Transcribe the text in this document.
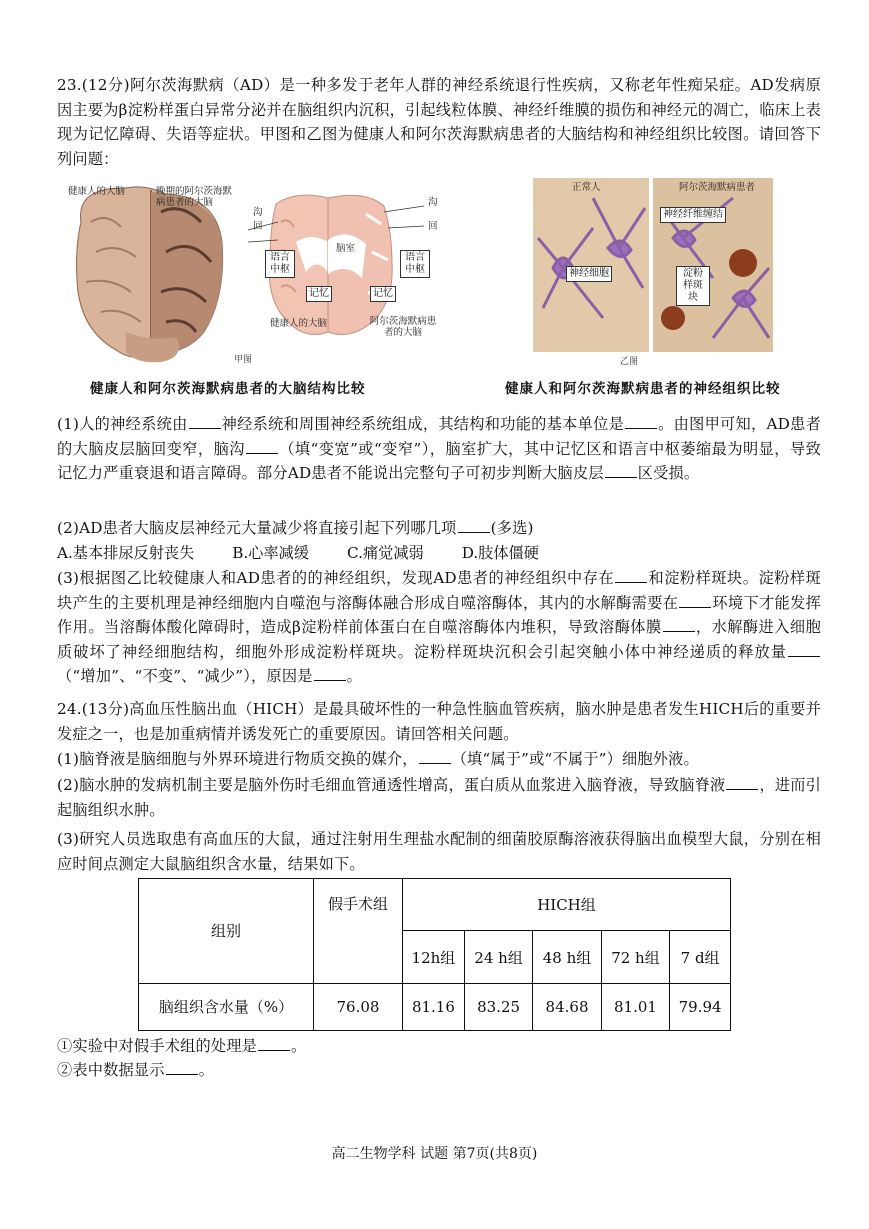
23.(12分)阿尔茨海默病（AD）是一种多发于老年人群的神经系统退行性疾病，又称老年性痴呆症。AD发病原因主要为β淀粉样蛋白异常分泌并在脑组织内沉积，引起线粒体膜、神经纤维膜的损伤和神经元的凋亡，临床上表现为记忆障碍、失语等症状。甲图和乙图为健康人和阿尔茨海默病患者的大脑结构和神经组织比较图。请回答下列问题：

健康人的大脑	晚期的阿尔茨海默病患者的大脑
沟
回
沟
回
脑室
语言中枢
语言中枢
记忆	记忆
健康人的大脑	阿尔茨海默病患者的大脑
甲图
健康人和阿尔茨海默病患者的大脑结构比较
正常人	阿尔茨海默病患者
神经细胞
神经纤维缠结
淀粉样斑块
乙图
健康人和阿尔茨海默病患者的神经组织比较

(1)人的神经系统由 神经系统和周围神经系统组成，其结构和功能的基本单位是 。由图甲可知，AD患者的大脑皮层脑回变窄，脑沟 （填“变宽”或“变窄”），脑室扩大，其中记忆区和语言中枢萎缩最为明显，导致记忆力严重衰退和语言障碍。部分AD患者不能说出完整句子可初步判断大脑皮层 区受损。

(2)AD患者大脑皮层神经元大量减少将直接引起下列哪几项 (多选)

A.基本排尿反射丧失	B.心率减缓	C.痛觉减弱	D.肢体僵硬

(3)根据图乙比较健康人和AD患者的的神经组织，发现AD患者的神经组织中存在 和淀粉样斑块。淀粉样斑块产生的主要机理是神经细胞内自噬泡与溶酶体融合形成自噬溶酶体，其内的水解酶需要在 环境下才能发挥作用。当溶酶体酸化障碍时，造成β淀粉样前体蛋白在自噬溶酶体内堆积，导致溶酶体膜 ，水解酶进入细胞质破坏了神经细胞结构，细胞外形成淀粉样斑块。淀粉样斑块沉积会引起突触小体中神经递质的释放量（“增加”、“不变”、“减少”），原因是 。

24.(13分)高血压性脑出血（HICH）是最具破坏性的一种急性脑血管疾病，脑水肿是患者发生HICH后的重要并发症之一，也是加重病情并诱发死亡的重要原因。请回答相关问题。

(1)脑脊液是脑细胞与外界环境进行物质交换的媒介， （填“属于”或“不属于”）细胞外液。

(2)脑水肿的发病机制主要是脑外伤时毛细血管通透性增高，蛋白质从血浆进入脑脊液，导致脑脊液 ，进而引起脑组织水肿。

(3)研究人员选取患有高血压的大鼠，通过注射用生理盐水配制的细菌胶原酶溶液获得脑出血模型大鼠，分别在相应时间点测定大鼠脑组织含水量，结果如下。

组别	假手术组	HICH组				
		12h组	24 h组	48 h组	72 h组	7 d组
脑组织含水量（%）	76.08	81.16	83.25	84.68	81.01	79.94

①实验中对假手术组的处理是 。

②表中数据显示 。

高二生物学科 试题 第7页(共8页)
